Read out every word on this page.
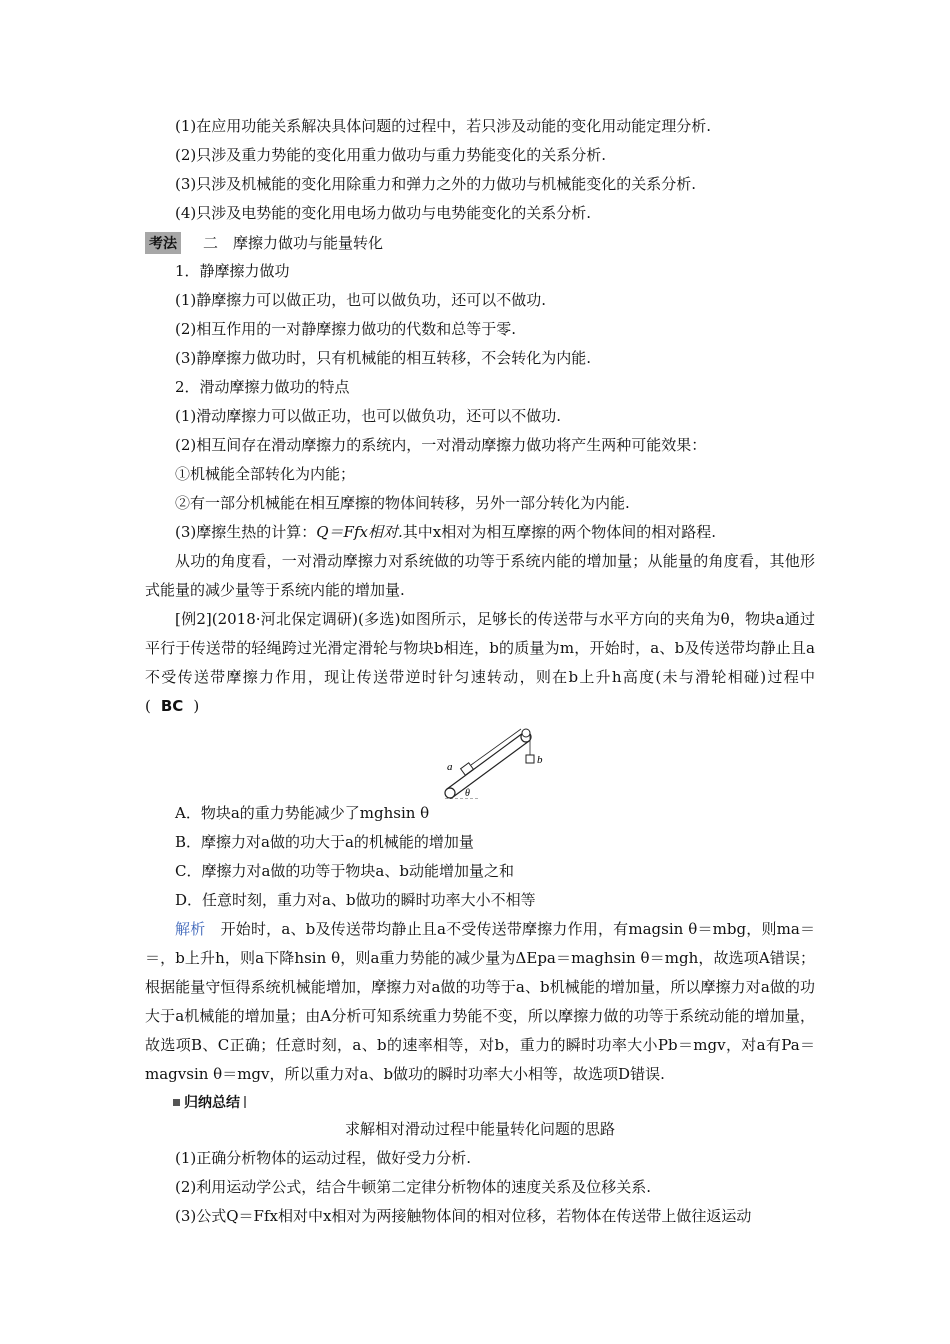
(1)在应用功能关系解决具体问题的过程中，若只涉及动能的变化用动能定理分析.
(2)只涉及重力势能的变化用重力做功与重力势能变化的关系分析.
(3)只涉及机械能的变化用除重力和弹力之外的力做功与机械能变化的关系分析.
(4)只涉及电势能的变化用电场力做功与电势能变化的关系分析.
考法 二　摩擦力做功与能量转化
1．静摩擦力做功
(1)静摩擦力可以做正功，也可以做负功，还可以不做功.
(2)相互作用的一对静摩擦力做功的代数和总等于零.
(3)静摩擦力做功时，只有机械能的相互转移，不会转化为内能.
2．滑动摩擦力做功的特点
(1)滑动摩擦力可以做正功，也可以做负功，还可以不做功.
(2)相互间存在滑动摩擦力的系统内，一对滑动摩擦力做功将产生两种可能效果：
①机械能全部转化为内能；
②有一部分机械能在相互摩擦的物体间转移，另外一部分转化为内能.
(3)摩擦生热的计算：Q＝Ffx相对.其中x相对为相互摩擦的两个物体间的相对路程.
从功的角度看，一对滑动摩擦力对系统做的功等于系统内能的增加量；从能量的角度看，其他形式能量的减少量等于系统内能的增加量.
[例2](2018·河北保定调研)(多选)如图所示，足够长的传送带与水平方向的夹角为θ，物块a通过平行于传送带的轻绳跨过光滑定滑轮与物块b相连，b的质量为m，开始时，a、b及传送带均静止且a不受传送带摩擦力作用，现让传送带逆时针匀速转动，则在b上升h高度(未与滑轮相碰)过程中( BC )
a
b
θ
A．物块a的重力势能减少了mghsin θ
B．摩擦力对a做的功大于a的机械能的增加量
C．摩擦力对a做的功等于物块a、b动能增加量之和
D．任意时刻，重力对a、b做功的瞬时功率大小不相等
解析　 开始时，a、b及传送带均静止且a不受传送带摩擦力作用，有magsin θ＝mbg，则ma＝＝，b上升h，则a下降hsin θ，则a重力势能的减少量为ΔEpa＝maghsin θ＝mgh，故选项A错误；根据能量守恒得系统机械能增加，摩擦力对a做的功等于a、b机械能的增加量，所以摩擦力对a做的功大于a机械能的增加量；由A分析可知系统重力势能不变，所以摩擦力做的功等于系统动能的增加量，故选项B、C正确；任意时刻，a、b的速率相等，对b，重力的瞬时功率大小Pb＝mgv，对a有Pa＝magvsin θ＝mgv，所以重力对a、b做功的瞬时功率大小相等，故选项D错误.
归纳总结
求解相对滑动过程中能量转化问题的思路
(1)正确分析物体的运动过程，做好受力分析.
(2)利用运动学公式，结合牛顿第二定律分析物体的速度关系及位移关系.
(3)公式Q＝Ffx相对中x相对为两接触物体间的相对位移，若物体在传送带上做往返运动
